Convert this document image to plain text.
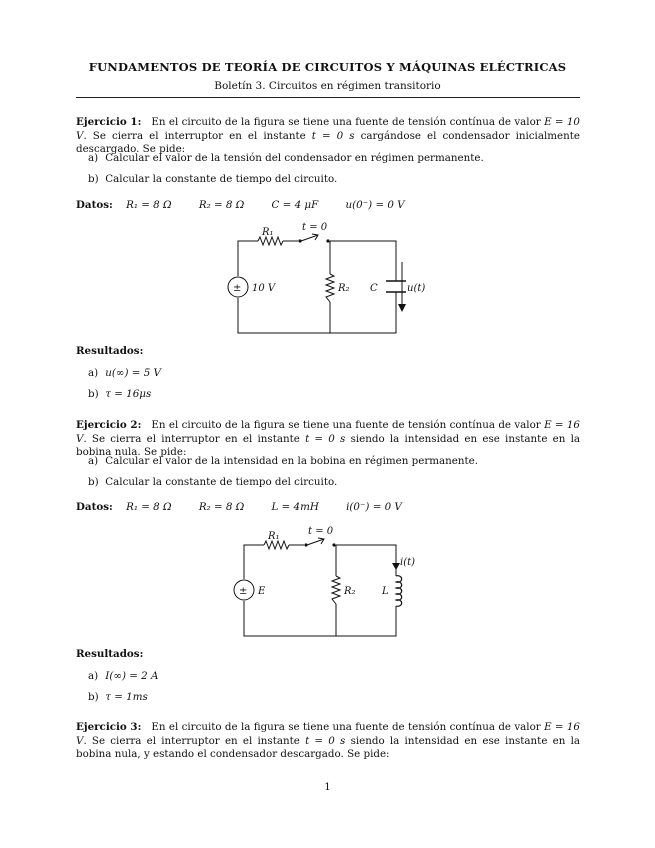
FUNDAMENTOS DE TEORÍA DE CIRCUITOS Y MÁQUINAS ELÉCTRICAS
Boletín 3. Circuitos en régimen transitorio
Ejercicio 1: En el circuito de la figura se tiene una fuente de tensión contínua de valor E = 10 V. Se cierra el interruptor en el instante t = 0 s cargándose el condensador inicialmente descargado. Se pide:
a) Calcular el valor de la tensión del condensador en régimen permanente.
b) Calcular la constante de tiempo del circuito.
Datos: R₁ = 8 Ω	R₂ = 8 Ω	C = 4 μF	u(0⁻) = 0 V
R₁	t = 0
± 10 V	R₂ C	u(t)
Resultados:
a) u(∞) = 5 V
b) τ = 16μs
Ejercicio 2: En el circuito de la figura se tiene una fuente de tensión contínua de valor E = 16 V. Se cierra el interruptor en el instante t = 0 s siendo la intensidad en ese instante en la bobina nula. Se pide:
a) Calcular el valor de la intensidad en la bobina en régimen permanente.
b) Calcular la constante de tiempo del circuito.
Datos: R₁ = 8 Ω	R₂ = 8 Ω	L = 4mH	i(0⁻) = 0 V
R₁	t = 0
± E	R₂	L
i(t)
Resultados:
a) I(∞) = 2 A
b) τ = 1ms
Ejercicio 3: En el circuito de la figura se tiene una fuente de tensión contínua de valor E = 16 V. Se cierra el interruptor en el instante t = 0 s siendo la intensidad en ese instante en la bobina nula, y estando el condensador descargado. Se pide:
1
